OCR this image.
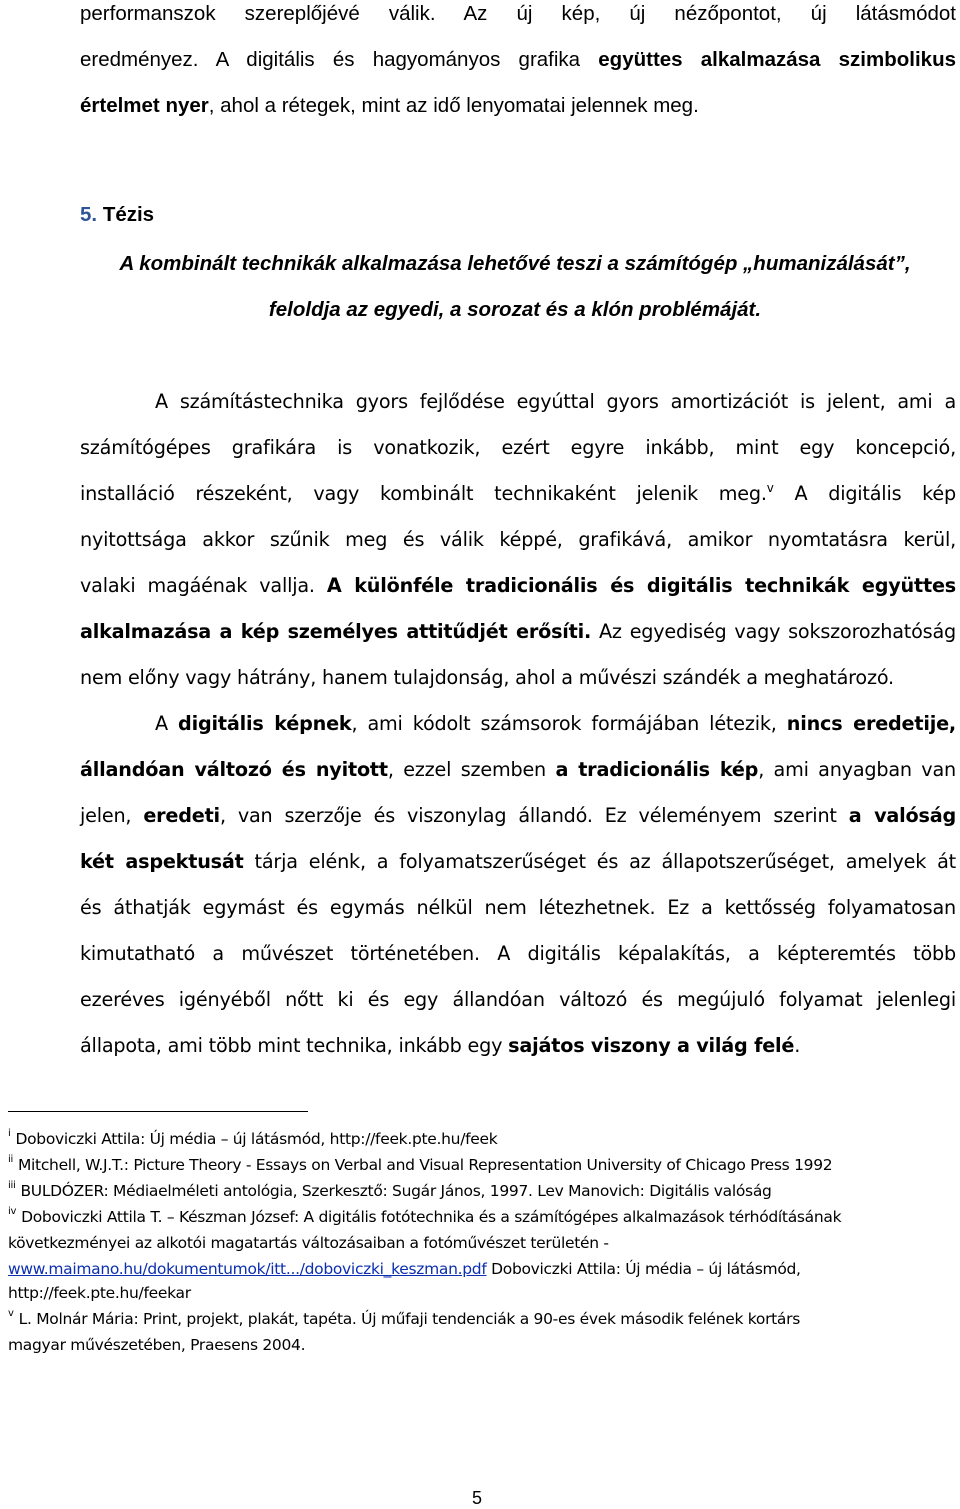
performanszok szereplőjévé válik. Az új kép, új nézőpontot, új látásmódot
eredményez. A digitális és hagyományos grafika együttes alkalmazása szimbolikus
értelmet nyer, ahol a rétegek, mint az idő lenyomatai jelennek meg.
5. Tézis
A kombinált technikák alkalmazása lehetővé teszi a számítógép „humanizálását”,
feloldja az egyedi, a sorozat és a klón problémáját.
A számítástechnika gyors fejlődése egyúttal gyors amortizációt is jelent, ami a
számítógépes grafikára is vonatkozik, ezért egyre inkább, mint egy koncepció,
installáció részeként, vagy kombinált technikaként jelenik meg.$^v$ A digitális kép
nyitottsága akkor szűnik meg és válik képpé, grafikává, amikor nyomtatásra kerül,
valaki magáénak vallja. A különféle tradicionális és digitális technikák együttes
alkalmazása a kép személyes attitűdjét erősíti. Az egyediség vagy sokszorozhatóság
nem előny vagy hátrány, hanem tulajdonság, ahol a művészi szándék a meghatározó.
A digitális képnek, ami kódolt számsorok formájában létezik, nincs eredetije,
állandóan változó és nyitott, ezzel szemben a tradicionális kép, ami anyagban van
jelen, eredeti, van szerzője és viszonylag állandó. Ez véleményem szerint a valóság
két aspektusát tárja elénk, a folyamatszerűséget és az állapotszerűséget, amelyek át
és áthatják egymást és egymás nélkül nem létezhetnek. Ez a kettősség folyamatosan
kimutatható a művészet történetében. A digitális képalakítás, a képteremtés több
ezeréves igényéből nőtt ki és egy állandóan változó és megújuló folyamat jelenlegi
állapota, ami több mint technika, inkább egy sajátos viszony a világ felé.
$^i$ Doboviczki Attila: Új média – új látásmód, http://feek.pte.hu/feek
$^{ii}$ Mitchell, W.J.T.: Picture Theory - Essays on Verbal and Visual Representation University of Chicago Press 1992
$^{iii}$ BULDÓZER: Médiaelméleti antológia, Szerkesztő: Sugár János, 1997. Lev Manovich: Digitális valóság
$^{iv}$ Doboviczki Attila T. – Készman József: A digitális fotótechnika és a számítógépes alkalmazások térhódításának
következményei az alkotói magatartás változásaiban a fotóművészet területén -
www.maimano.hu/dokumentumok/itt.../doboviczki_keszman.pdf Doboviczki Attila: Új média – új látásmód,
http://feek.pte.hu/feekar
$^v$ L. Molnár Mária: Print, projekt, plakát, tapéta. Új műfaji tendenciák a 90-es évek második felének kortárs
magyar művészetében, Praesens 2004.
5
